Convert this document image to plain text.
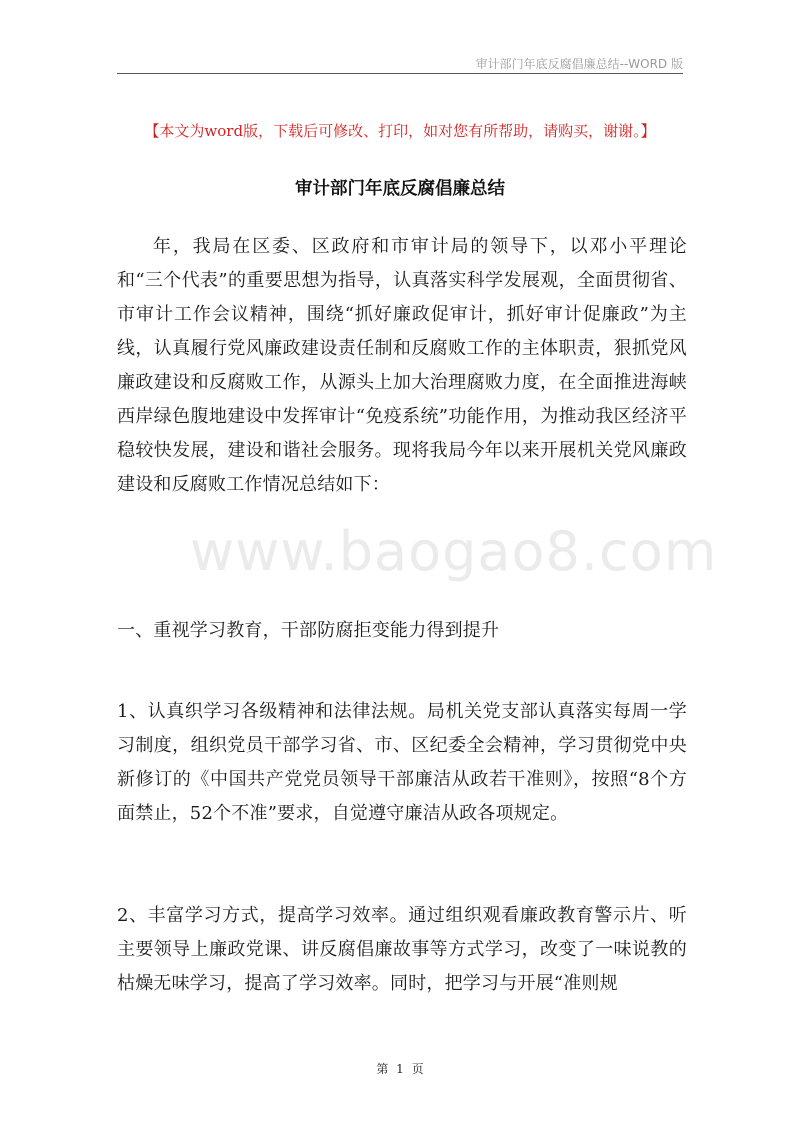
审计部门年底反腐倡廉总结--WORD 版
【本文为word版，下载后可修改、打印，如对您有所帮助，请购买，谢谢。】
审计部门年底反腐倡廉总结
www.baogao8.com
年，我局在区委、区政府和市审计局的领导下，以邓小平理论和“三个代表”的重要思想为指导，认真落实科学发展观，全面贯彻省、市审计工作会议精神，围绕“抓好廉政促审计，抓好审计促廉政”为主线，认真履行党风廉政建设责任制和反腐败工作的主体职责，狠抓党风廉政建设和反腐败工作，从源头上加大治理腐败力度，在全面推进海峡西岸绿色腹地建设中发挥审计“免疫系统”功能作用，为推动我区经济平稳较快发展，建设和谐社会服务。现将我局今年以来开展机关党风廉政建设和反腐败工作情况总结如下：
一、重视学习教育，干部防腐拒变能力得到提升
1、认真织学习各级精神和法律法规。局机关党支部认真落实每周一学习制度，组织党员干部学习省、市、区纪委全会精神，学习贯彻党中央新修订的《中国共产党党员领导干部廉洁从政若干准则》，按照“8个方面禁止，52个不准”要求，自觉遵守廉洁从政各项规定。
2、丰富学习方式，提高学习效率。通过组织观看廉政教育警示片、听主要领导上廉政党课、讲反腐倡廉故事等方式学习，改变了一味说教的枯燥无味学习，提高了学习效率。同时，把学习与开展“准则规
第 1 页
